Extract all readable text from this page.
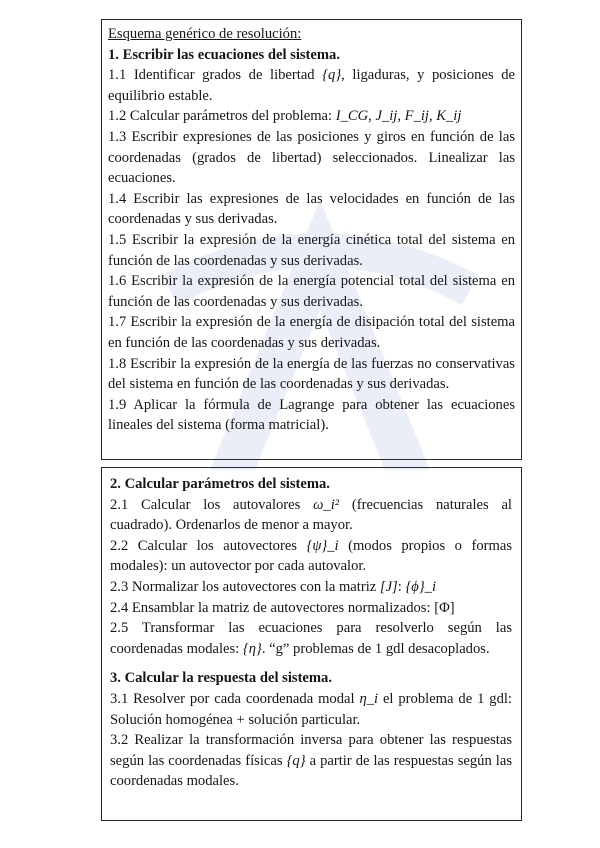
Esquema genérico de resolución:

1. Escribir las ecuaciones del sistema.

1.1 Identificar grados de libertad {q}, ligaduras, y posiciones de equilibrio estable.

1.2 Calcular parámetros del problema: I_CG, J_ij, F_ij, K_ij

1.3 Escribir expresiones de las posiciones y giros en función de las coordenadas (grados de libertad) seleccionados. Linealizar las ecuaciones.

1.4 Escribir las expresiones de las velocidades en función de las coordenadas y sus derivadas.

1.5 Escribir la expresión de la energía cinética total del sistema en función de las coordenadas y sus derivadas.

1.6 Escribir la expresión de la energía potencial total del sistema en función de las coordenadas y sus derivadas.

1.7 Escribir la expresión de la energía de disipación total del sistema en función de las coordenadas y sus derivadas.

1.8 Escribir la expresión de la energía de las fuerzas no conservativas del sistema en función de las coordenadas y sus derivadas.

1.9 Aplicar la fórmula de Lagrange para obtener las ecuaciones lineales del sistema (forma matricial).

2. Calcular parámetros del sistema.

2.1 Calcular los autovalores ω_i² (frecuencias naturales al cuadrado). Ordenarlos de menor a mayor.

2.2 Calcular los autovectores {ψ}_i (modos propios o formas modales): un autovector por cada autovalor.

2.3 Normalizar los autovectores con la matriz [J]: {ϕ}_i

2.4 Ensamblar la matriz de autovectores normalizados: [Φ]

2.5 Transformar las ecuaciones para resolverlo según las coordenadas modales: {η}. “g” problemas de 1 gdl desacoplados.

3. Calcular la respuesta del sistema.

3.1 Resolver por cada coordenada modal η_i el problema de 1 gdl: Solución homogénea + solución particular.

3.2 Realizar la transformación inversa para obtener las respuestas según las coordenadas físicas {q} a partir de las respuestas según las coordenadas modales.
